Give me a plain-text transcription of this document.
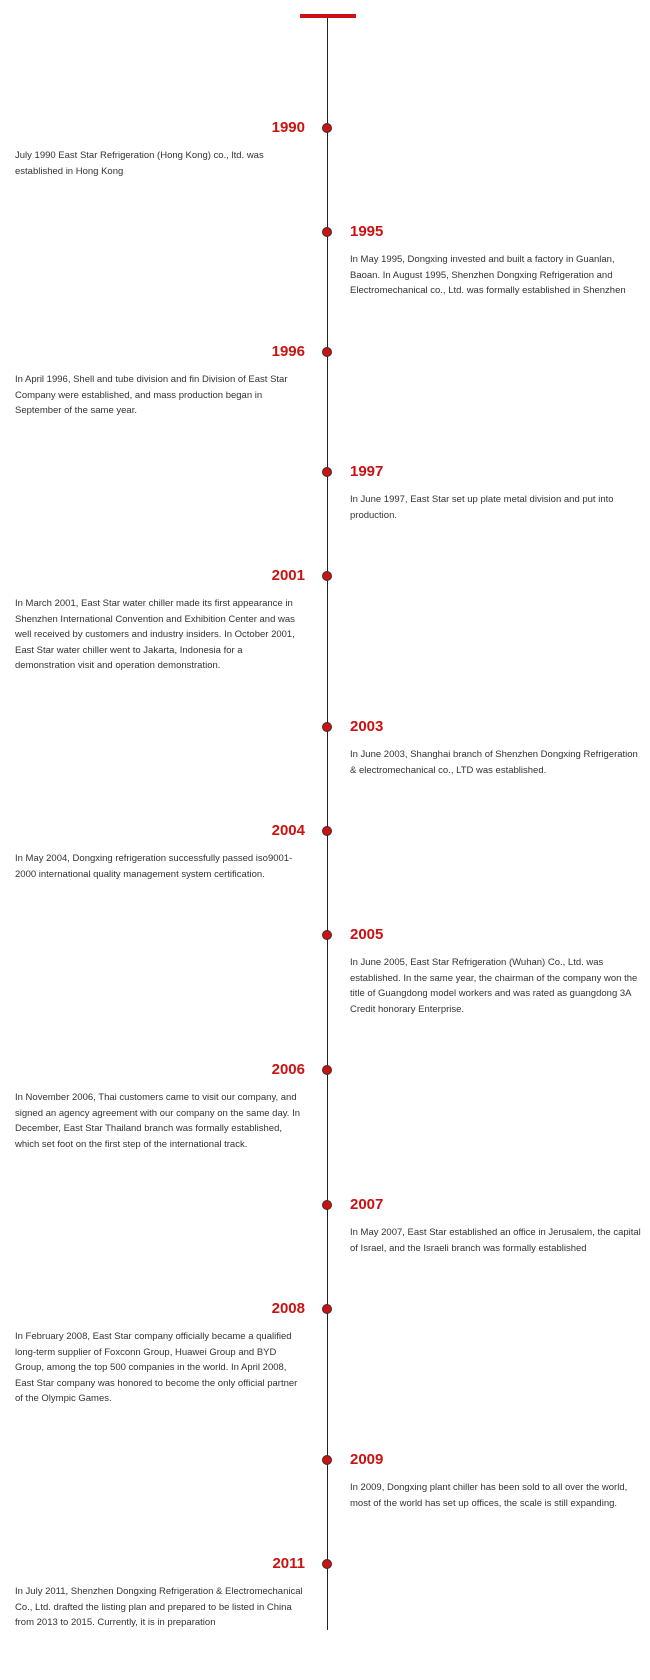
1990
July 1990 East Star Refrigeration (Hong Kong) co., ltd. was established in Hong Kong
1995
In May 1995, Dongxing invested and built a factory in Guanlan, Baoan. In August 1995, Shenzhen Dongxing Refrigeration and Electromechanical co., Ltd. was formally established in Shenzhen
1996
In April 1996, Shell and tube division and fin Division of East Star Company were established, and mass production began in September of the same year.
1997
In June 1997, East Star set up plate metal division and put into production.
2001
In March 2001, East Star water chiller made its first appearance in Shenzhen International Convention and Exhibition Center and was well received by customers and industry insiders. In October 2001, East Star water chiller went to Jakarta, Indonesia for a demonstration visit and operation demonstration.
2003
In June 2003, Shanghai branch of Shenzhen Dongxing Refrigeration & electromechanical co., LTD was established.
2004
In May 2004, Dongxing refrigeration successfully passed iso9001-2000 international quality management system certification.
2005
In June 2005, East Star Refrigeration (Wuhan) Co., Ltd. was established. In the same year, the chairman of the company won the title of Guangdong model workers and was rated as guangdong 3A Credit honorary Enterprise.
2006
In November 2006, Thai customers came to visit our company, and signed an agency agreement with our company on the same day. In December, East Star Thailand branch was formally established, which set foot on the first step of the international track.
2007
In May 2007, East Star established an office in Jerusalem, the capital of Israel, and the Israeli branch was formally established
2008
In February 2008, East Star company officially became a qualified long-term supplier of Foxconn Group, Huawei Group and BYD Group, among the top 500 companies in the world. In April 2008, East Star company was honored to become the only official partner of the Olympic Games.
2009
In 2009, Dongxing plant chiller has been sold to all over the world, most of the world has set up offices, the scale is still expanding.
2011
In July 2011, Shenzhen Dongxing Refrigeration & Electromechanical Co., Ltd. drafted the listing plan and prepared to be listed in China from 2013 to 2015. Currently, it is in preparation
